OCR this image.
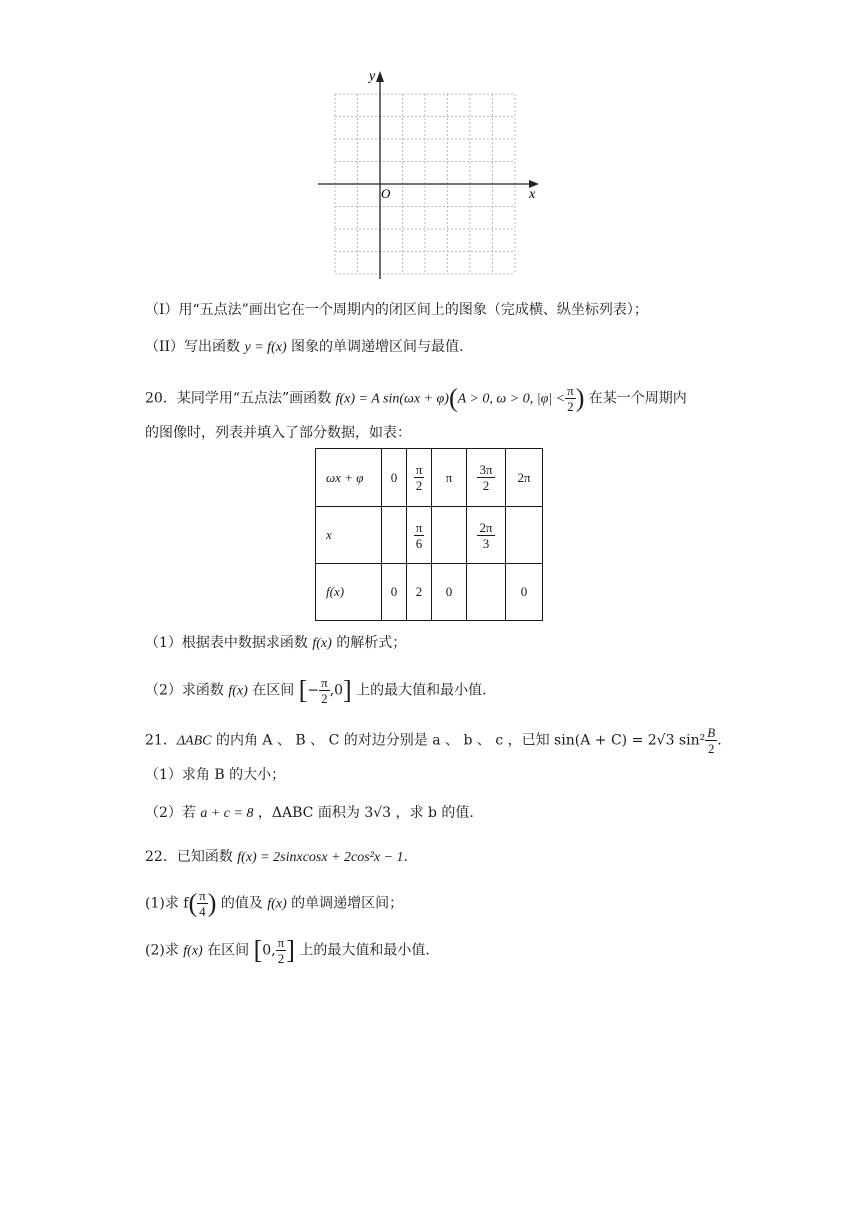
y
x
O
（I）用“五点法”画出它在一个周期内的闭区间上的图象（完成横、纵坐标列表）；
（II）写出函数 y = f(x) 图象的单调递增区间与最值.
20．某同学用“五点法”画函数 f(x) = A sin(ωx + φ)(A > 0, ω > 0, $|\varphi| < \frac{\pi}{2}$ ) 在某一个周期内
的图像时，列表并填入了部分数据，如表：
ωx + φ	0	$\frac{\pi}{2}$	π	$\frac{3\pi}{2}$	2π
x		$\frac{\pi}{6}$		$\frac{2\pi}{3}$

f(x)	0	2	0		0
（1）根据表中数据求函数 f(x) 的解析式；
（2）求函数 f(x) 在区间 [− $\frac{\pi}{2} ,0$] 上的最大值和最小值.
21．ΔABC 的内角 A 、 B 、 C 的对边分别是 a 、 b 、 c ，已知 sin(A + C) = 2√3 $\sin^2 \frac{B}{2}$ .
（1）求角 B 的大小；
（2）若 a + c = 8 ，ΔABC 面积为 3√3 ，求 b 的值.
22．已知函数 f(x) = 2sinxcosx + 2cos²x − 1.
(1)求 $f( \frac{\pi}{4}$ ) 的值及 f(x) 的单调递增区间；
(2)求 f(x) 在区间 [0, $\frac{\pi}{2}$ ] 上的最大值和最小值.
